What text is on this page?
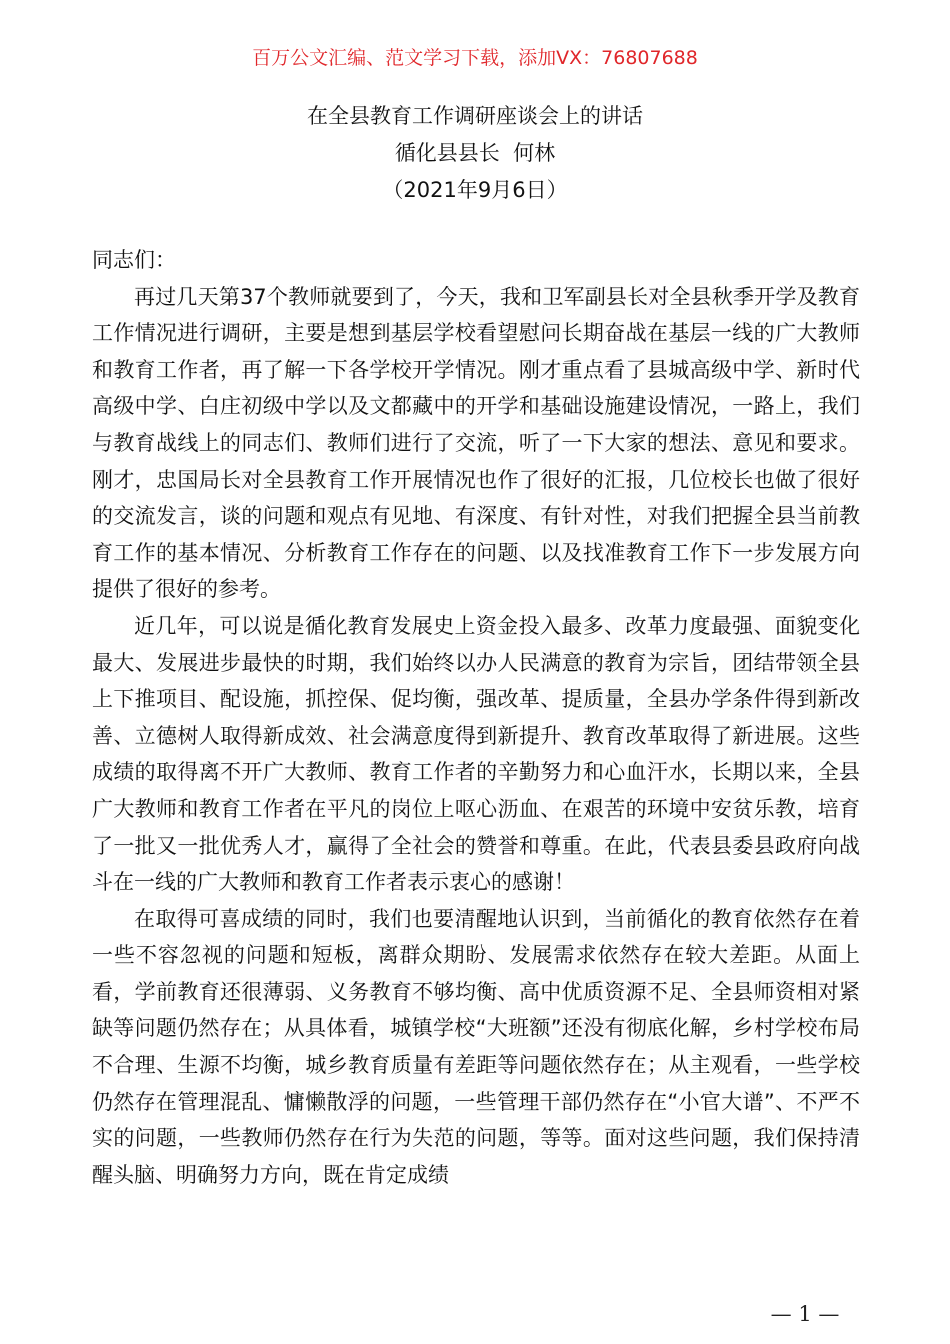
百万公文汇编、范文学习下载，添加VX：76807688
在全县教育工作调研座谈会上的讲话
循化县县长  何林
（2021年9月6日）

同志们：

再过几天第37个教师就要到了，今天，我和卫军副县长对全县秋季开学及教育工作情况进行调研，主要是想到基层学校看望慰问长期奋战在基层一线的广大教师和教育工作者，再了解一下各学校开学情况。刚才重点看了县城高级中学、新时代高级中学、白庄初级中学以及文都藏中的开学和基础设施建设情况，一路上，我们与教育战线上的同志们、教师们进行了交流，听了一下大家的想法、意见和要求。刚才，忠国局长对全县教育工作开展情况也作了很好的汇报，几位校长也做了很好的交流发言，谈的问题和观点有见地、有深度、有针对性，对我们把握全县当前教育工作的基本情况、分析教育工作存在的问题、以及找准教育工作下一步发展方向提供了很好的参考。

近几年，可以说是循化教育发展史上资金投入最多、改革力度最强、面貌变化最大、发展进步最快的时期，我们始终以办人民满意的教育为宗旨，团结带领全县上下推项目、配设施，抓控保、促均衡，强改革、提质量，全县办学条件得到新改善、立德树人取得新成效、社会满意度得到新提升、教育改革取得了新进展。这些成绩的取得离不开广大教师、教育工作者的辛勤努力和心血汗水，长期以来，全县广大教师和教育工作者在平凡的岗位上呕心沥血、在艰苦的环境中安贫乐教，培育了一批又一批优秀人才，赢得了全社会的赞誉和尊重。在此，代表县委县政府向战斗在一线的广大教师和教育工作者表示衷心的感谢！

在取得可喜成绩的同时，我们也要清醒地认识到，当前循化的教育依然存在着一些不容忽视的问题和短板，离群众期盼、发展需求依然存在较大差距。从面上看，学前教育还很薄弱、义务教育不够均衡、高中优质资源不足、全县师资相对紧缺等问题仍然存在；从具体看，城镇学校“大班额”还没有彻底化解，乡村学校布局不合理、生源不均衡，城乡教育质量有差距等问题依然存在；从主观看，一些学校仍然存在管理混乱、慵懒散浮的问题，一些管理干部仍然存在“小官大谱”、不严不实的问题，一些教师仍然存在行为失范的问题，等等。面对这些问题，我们保持清醒头脑、明确努力方向，既在肯定成绩

— 1 —
